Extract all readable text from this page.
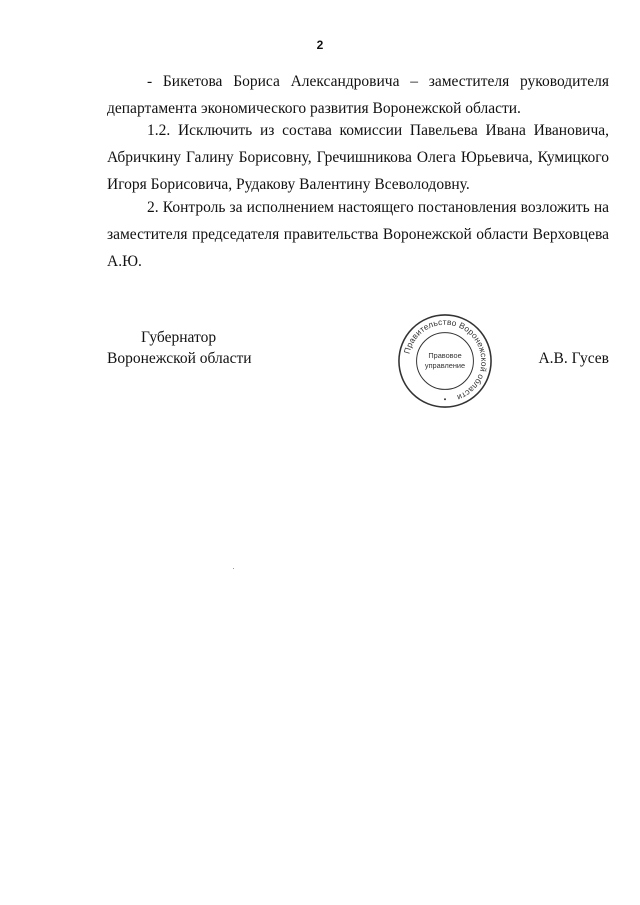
2

- Бикетова Бориса Александровича – заместителя руководителя департамента экономического развития Воронежской области.

1.2. Исключить из состава комиссии Павельева Ивана Ивановича, Абричкину Галину Борисовну, Гречишникова Олега Юрьевича, Кумицкого Игоря Борисовича, Рудакову Валентину Всеволодовну.

2. Контроль за исполнением настоящего постановления возложить на заместителя председателя правительства Воронежской области Верховцева А.Ю.

Губернатор
Воронежской области	А.В. Гусев
Правительство Воронежской области
Правовое
управление
